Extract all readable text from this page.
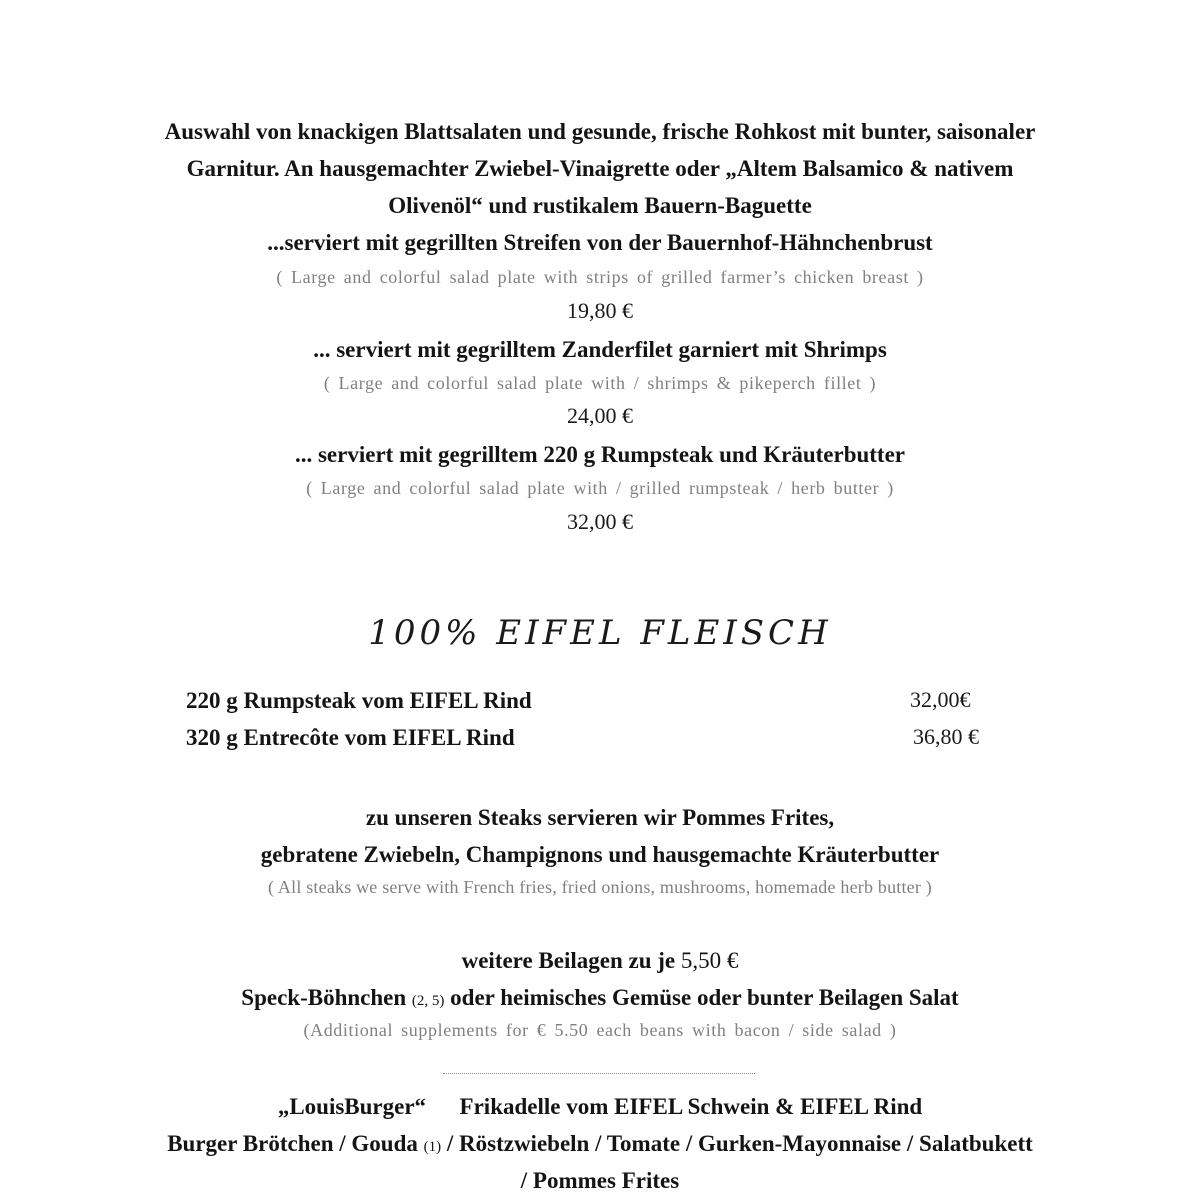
Auswahl von knackigen Blattsalaten und gesunde, frische Rohkost mit bunter, saisonaler
Garnitur. An hausgemachter Zwiebel-Vinaigrette oder „Altem Balsamico & nativem
Olivenöl“ und rustikalem Bauern-Baguette
...serviert mit gegrillten Streifen von der Bauernhof-Hähnchenbrust
( Large and colorful salad plate with strips of grilled farmer’s chicken breast )
19,80 €
... serviert mit gegrilltem Zanderfilet garniert mit Shrimps
( Large and colorful salad plate with / shrimps & pikeperch fillet )
24,00 €
... serviert mit gegrilltem 220 g Rumpsteak und Kräuterbutter
( Large and colorful salad plate with / grilled rumpsteak / herb butter )
32,00 €
100% EIFEL FLEISCH
220 g Rumpsteak vom EIFEL Rind	32,00€
320 g Entrecôte vom EIFEL Rind	36,80 €
zu unseren Steaks servieren wir Pommes Frites,
gebratene Zwiebeln, Champignons und hausgemachte Kräuterbutter
( All steaks we serve with French fries, fried onions, mushrooms, homemade herb butter )
weitere Beilagen zu je 5,50 €
Speck-Böhnchen (2, 5) oder heimisches Gemüse oder bunter Beilagen Salat
(Additional supplements for € 5.50 each beans with bacon / side salad )
„LouisBurger“ Frikadelle vom EIFEL Schwein & EIFEL Rind
Burger Brötchen / Gouda (1) / Röstzwiebeln / Tomate / Gurken-Mayonnaise / Salatbukett
/ Pommes Frites
